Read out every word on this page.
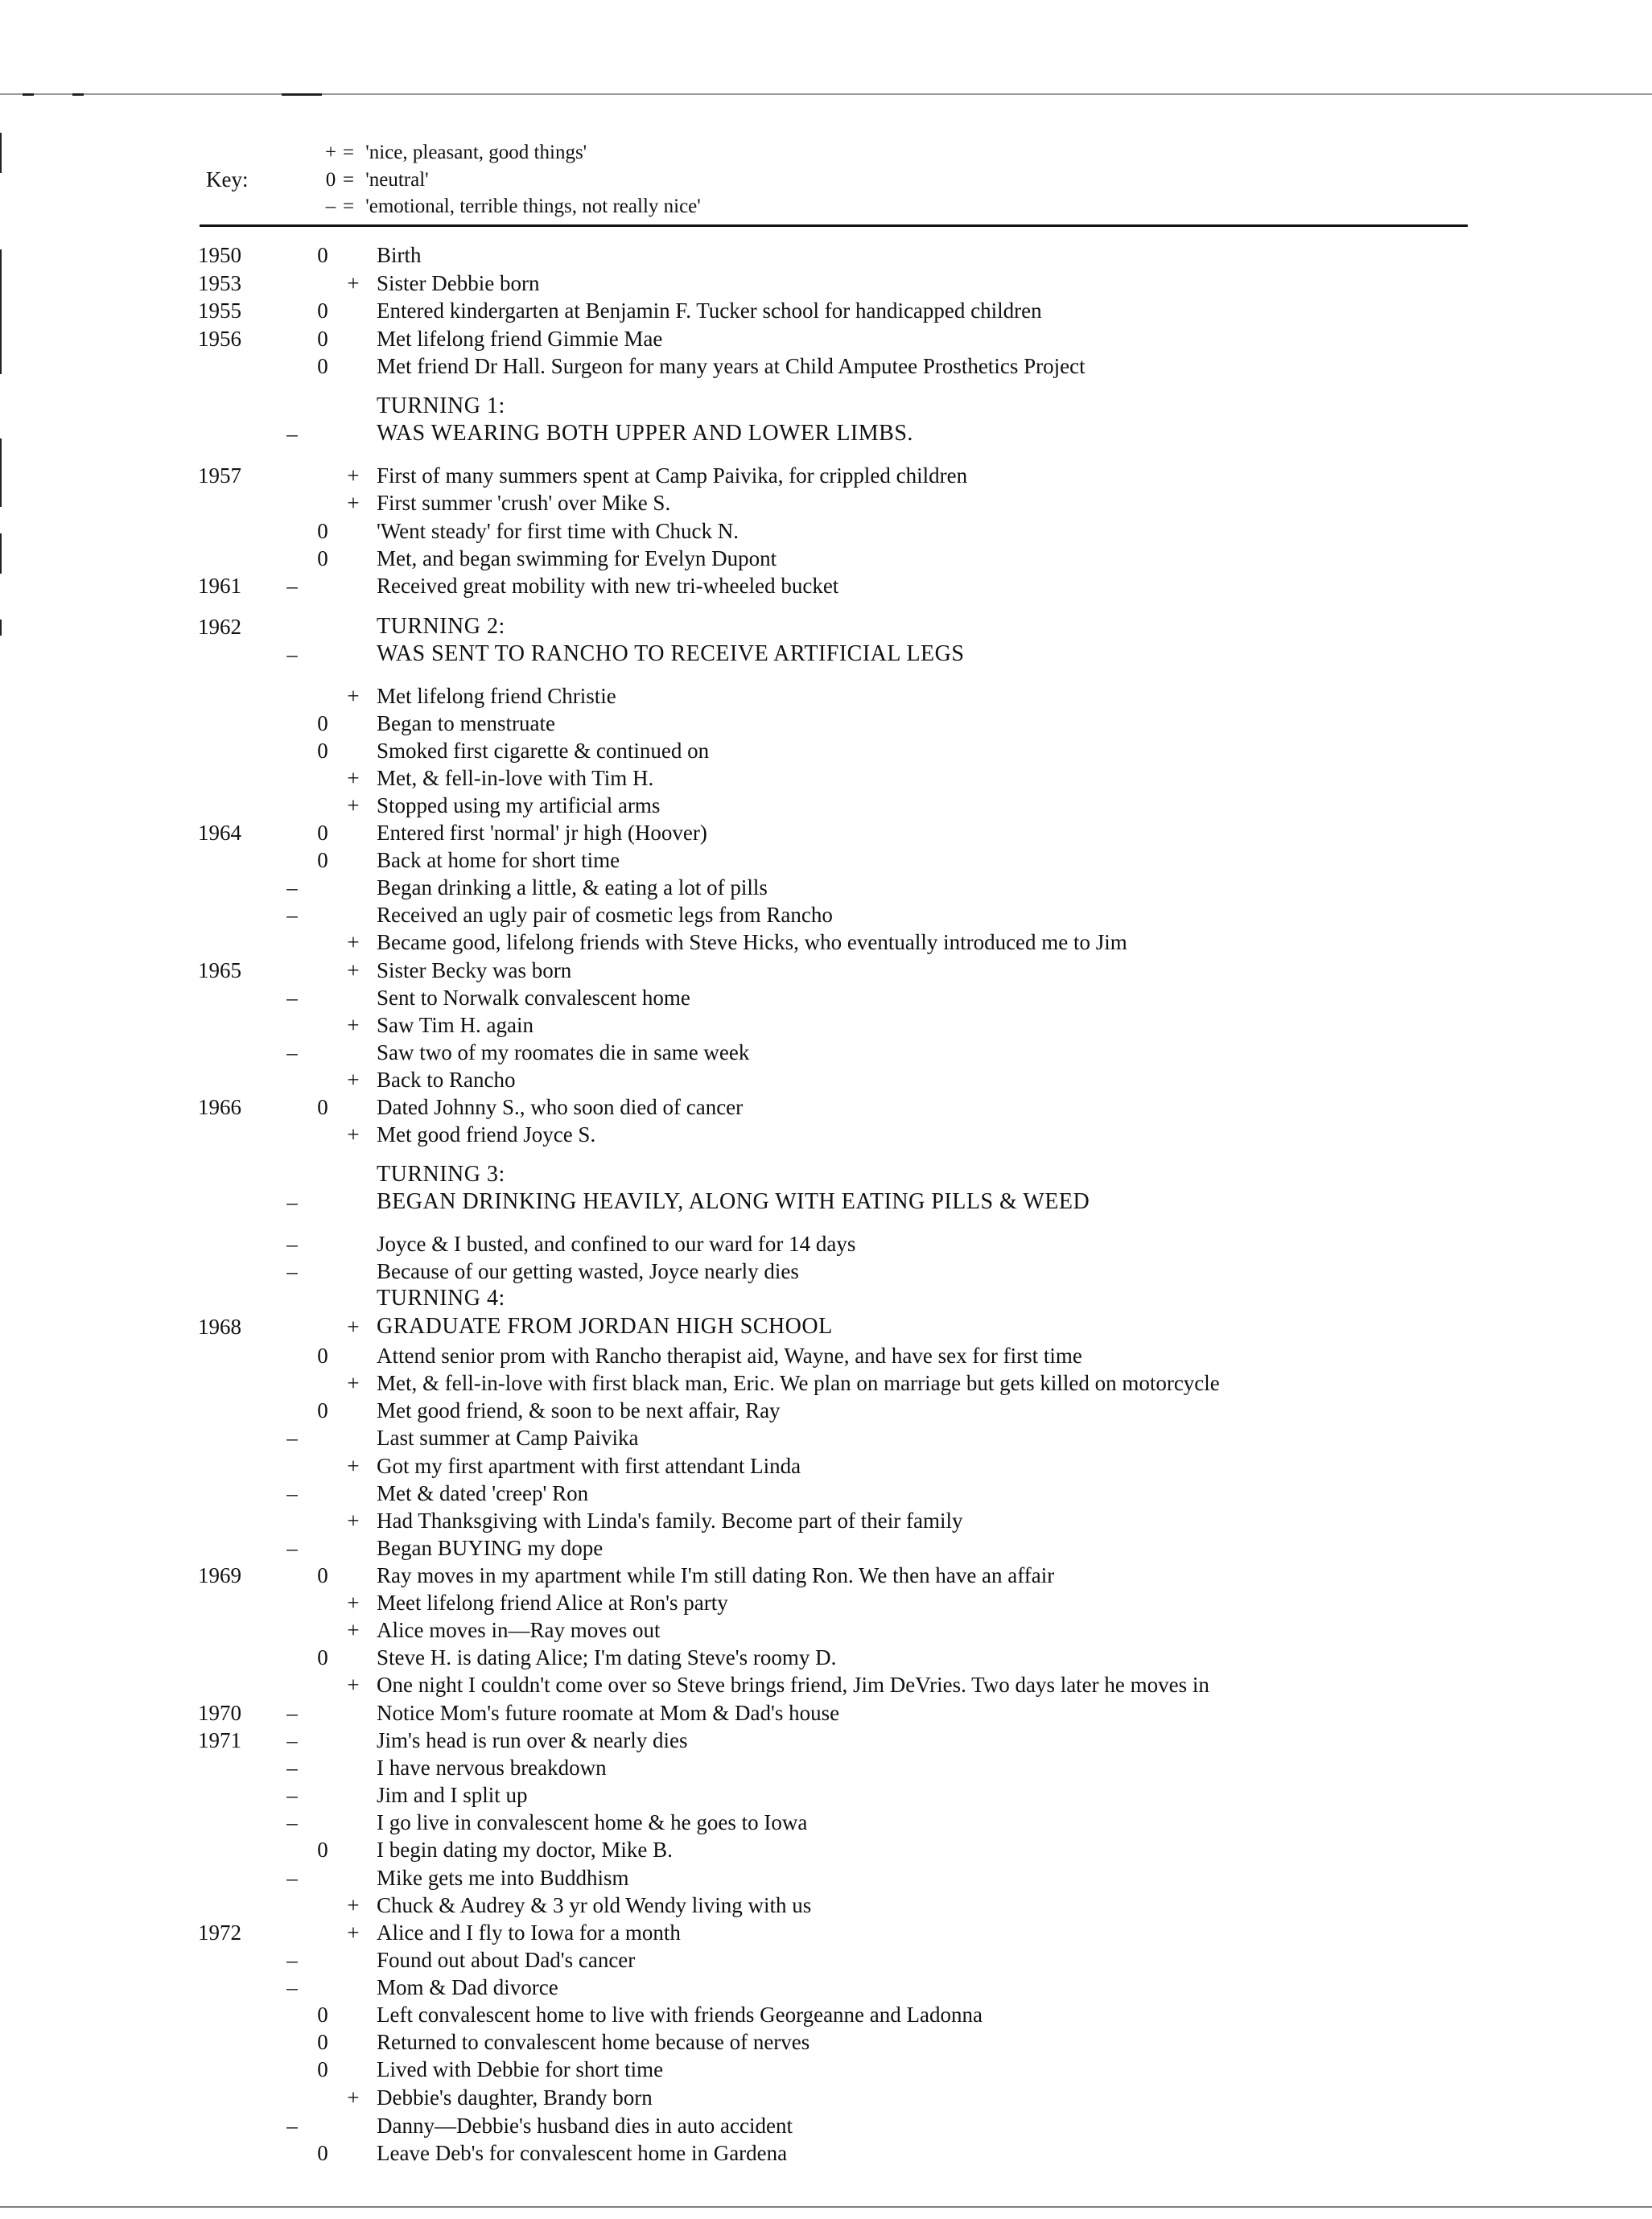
Key:
+ = 'nice, pleasant, good things'
0 = 'neutral'
– = 'emotional, terrible things, not really nice'
1950	0	Birth
1953	+ Sister Debbie born
1955	0	Entered kindergarten at Benjamin F. Tucker school for handicapped children
1956	0	Met lifelong friend Gimmie Mae
0	Met friend Dr Hall. Surgeon for many years at Child Amputee Prosthetics Project
TURNING 1:
–	WAS WEARING BOTH UPPER AND LOWER LIMBS.
1957	+ First of many summers spent at Camp Paivika, for crippled children
+ First summer 'crush' over Mike S.
0	'Went steady' for first time with Chuck N.
0	Met, and began swimming for Evelyn Dupont
1961	–	Received great mobility with new tri-wheeled bucket
1962	TURNING 2:
–	WAS SENT TO RANCHO TO RECEIVE ARTIFICIAL LEGS
+ Met lifelong friend Christie
0	Began to menstruate
0	Smoked first cigarette & continued on
+ Met, & fell-in-love with Tim H.
+ Stopped using my artificial arms
1964	0	Entered first 'normal' jr high (Hoover)
0	Back at home for short time
–	Began drinking a little, & eating a lot of pills
–	Received an ugly pair of cosmetic legs from Rancho
+ Became good, lifelong friends with Steve Hicks, who eventually introduced me to Jim
1965	+ Sister Becky was born
–	Sent to Norwalk convalescent home
+ Saw Tim H. again
–	Saw two of my roomates die in same week
+ Back to Rancho
1966	0	Dated Johnny S., who soon died of cancer
+ Met good friend Joyce S.
TURNING 3:
–	BEGAN DRINKING HEAVILY, ALONG WITH EATING PILLS & WEED
–	Joyce & I busted, and confined to our ward for 14 days
–	Because of our getting wasted, Joyce nearly dies
TURNING 4:
1968	+ GRADUATE FROM JORDAN HIGH SCHOOL
0	Attend senior prom with Rancho therapist aid, Wayne, and have sex for first time
+ Met, & fell-in-love with first black man, Eric. We plan on marriage but gets killed on motorcycle
0	Met good friend, & soon to be next affair, Ray
–	Last summer at Camp Paivika
+ Got my first apartment with first attendant Linda
–	Met & dated 'creep' Ron
+ Had Thanksgiving with Linda's family. Become part of their family
–	Began BUYING my dope
1969	0	Ray moves in my apartment while I'm still dating Ron. We then have an affair
+ Meet lifelong friend Alice at Ron's party
+ Alice moves in—Ray moves out
0	Steve H. is dating Alice; I'm dating Steve's roomy D.
+ One night I couldn't come over so Steve brings friend, Jim DeVries. Two days later he moves in
1970	–	Notice Mom's future roomate at Mom & Dad's house
1971	–	Jim's head is run over & nearly dies
–	I have nervous breakdown
–	Jim and I split up
–	I go live in convalescent home & he goes to Iowa
0	I begin dating my doctor, Mike B.
–	Mike gets me into Buddhism
+ Chuck & Audrey & 3 yr old Wendy living with us
1972	+ Alice and I fly to Iowa for a month
–	Found out about Dad's cancer
–	Mom & Dad divorce
0	Left convalescent home to live with friends Georgeanne and Ladonna
0	Returned to convalescent home because of nerves
0	Lived with Debbie for short time
+ Debbie's daughter, Brandy born
–	Danny—Debbie's husband dies in auto accident
0	Leave Deb's for convalescent home in Gardena
